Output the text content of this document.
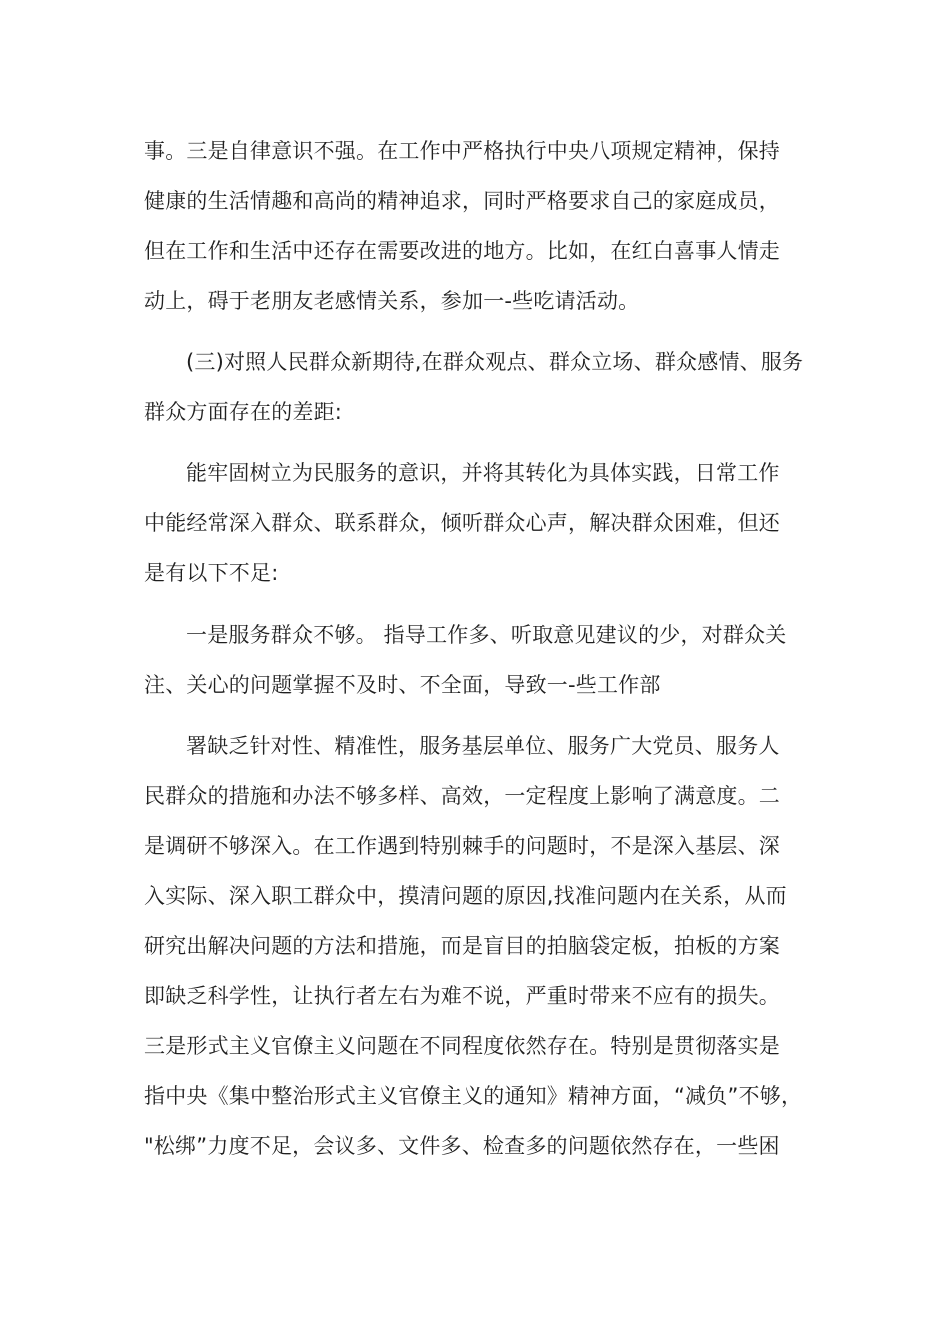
事。三是自律意识不强。在工作中严格执行中央八项规定精神，保持
健康的生活情趣和高尚的精神追求，同时严格要求自己的家庭成员，
但在工作和生活中还存在需要改进的地方。比如，在红白喜事人情走
动上，碍于老朋友老感情关系，参加一-些吃请活动。
(三)对照人民群众新期待,在群众观点、群众立场、群众感情、服务
群众方面存在的差距:
能牢固树立为民服务的意识，并将其转化为具体实践，日常工作
中能经常深入群众、联系群众，倾听群众心声，解决群众困难，但还
是有以下不足:
一是服务群众不够。 指导工作多、听取意见建议的少，对群众关
注、关心的问题掌握不及时、不全面，导致一-些工作部
署缺乏针对性、精准性，服务基层单位、服务广大党员、服务人
民群众的措施和办法不够多样、高效，一定程度上影响了满意度。二
是调研不够深入。在工作遇到特别棘手的问题时，不是深入基层、深
入实际、深入职工群众中，摸清问题的原因,找准问题内在关系，从而
研究出解决问题的方法和措施，而是盲目的拍脑袋定板，拍板的方案
即缺乏科学性，让执行者左右为难不说，严重时带来不应有的损失。
三是形式主义官僚主义问题在不同程度依然存在。特别是贯彻落实是
指中央《集中整治形式主义官僚主义的通知》精神方面，“减负”不够，
"松绑”力度不足，会议多、文件多、检查多的问题依然存在，一些困
